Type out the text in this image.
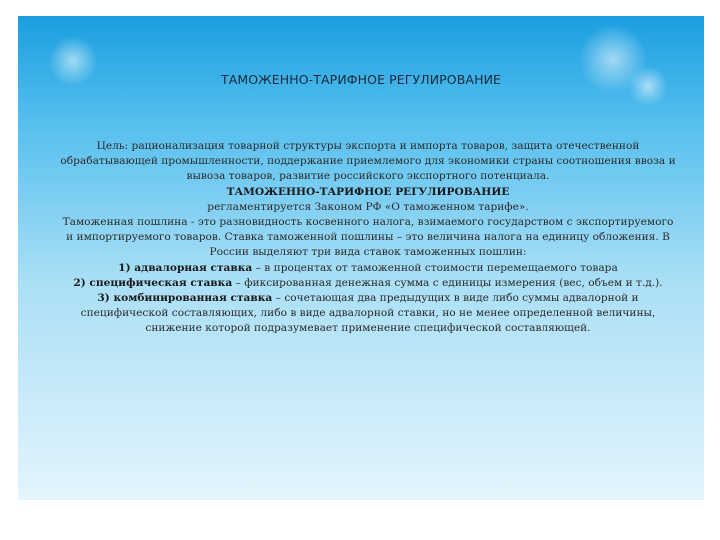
ТАМОЖЕННО-ТАРИФНОЕ РЕГУЛИРОВАНИЕ
Цель: рационализация товарной структуры экспорта и импорта товаров, защита отечественной обрабатывающей промышленности, поддержание приемлемого для экономики страны соотношения ввоза и вывоза товаров, развитие российского экспортного потенциала.
ТАМОЖЕННО-ТАРИФНОЕ РЕГУЛИРОВАНИЕ
регламентируется Законом РФ «О таможенном тарифе».
Таможенная пошлина - это разновидность косвенного налога, взимаемого государством с экспортируемого и импортируемого товаров. Ставка таможенной пошлины – это величина налога на единицу обложения. В России выделяют три вида ставок таможенных пошлин:
1) адвалорная ставка – в процентах от таможенной стоимости перемещаемого товара
2) специфическая ставка – фиксированная денежная сумма с единицы измерения (вес, объем и т.д.).
3) комбинированная ставка – сочетающая два предыдущих в виде либо суммы адвалорной и специфической составляющих, либо в виде адвалорной ставки, но не менее определенной величины, снижение которой подразумевает применение специфической составляющей.
